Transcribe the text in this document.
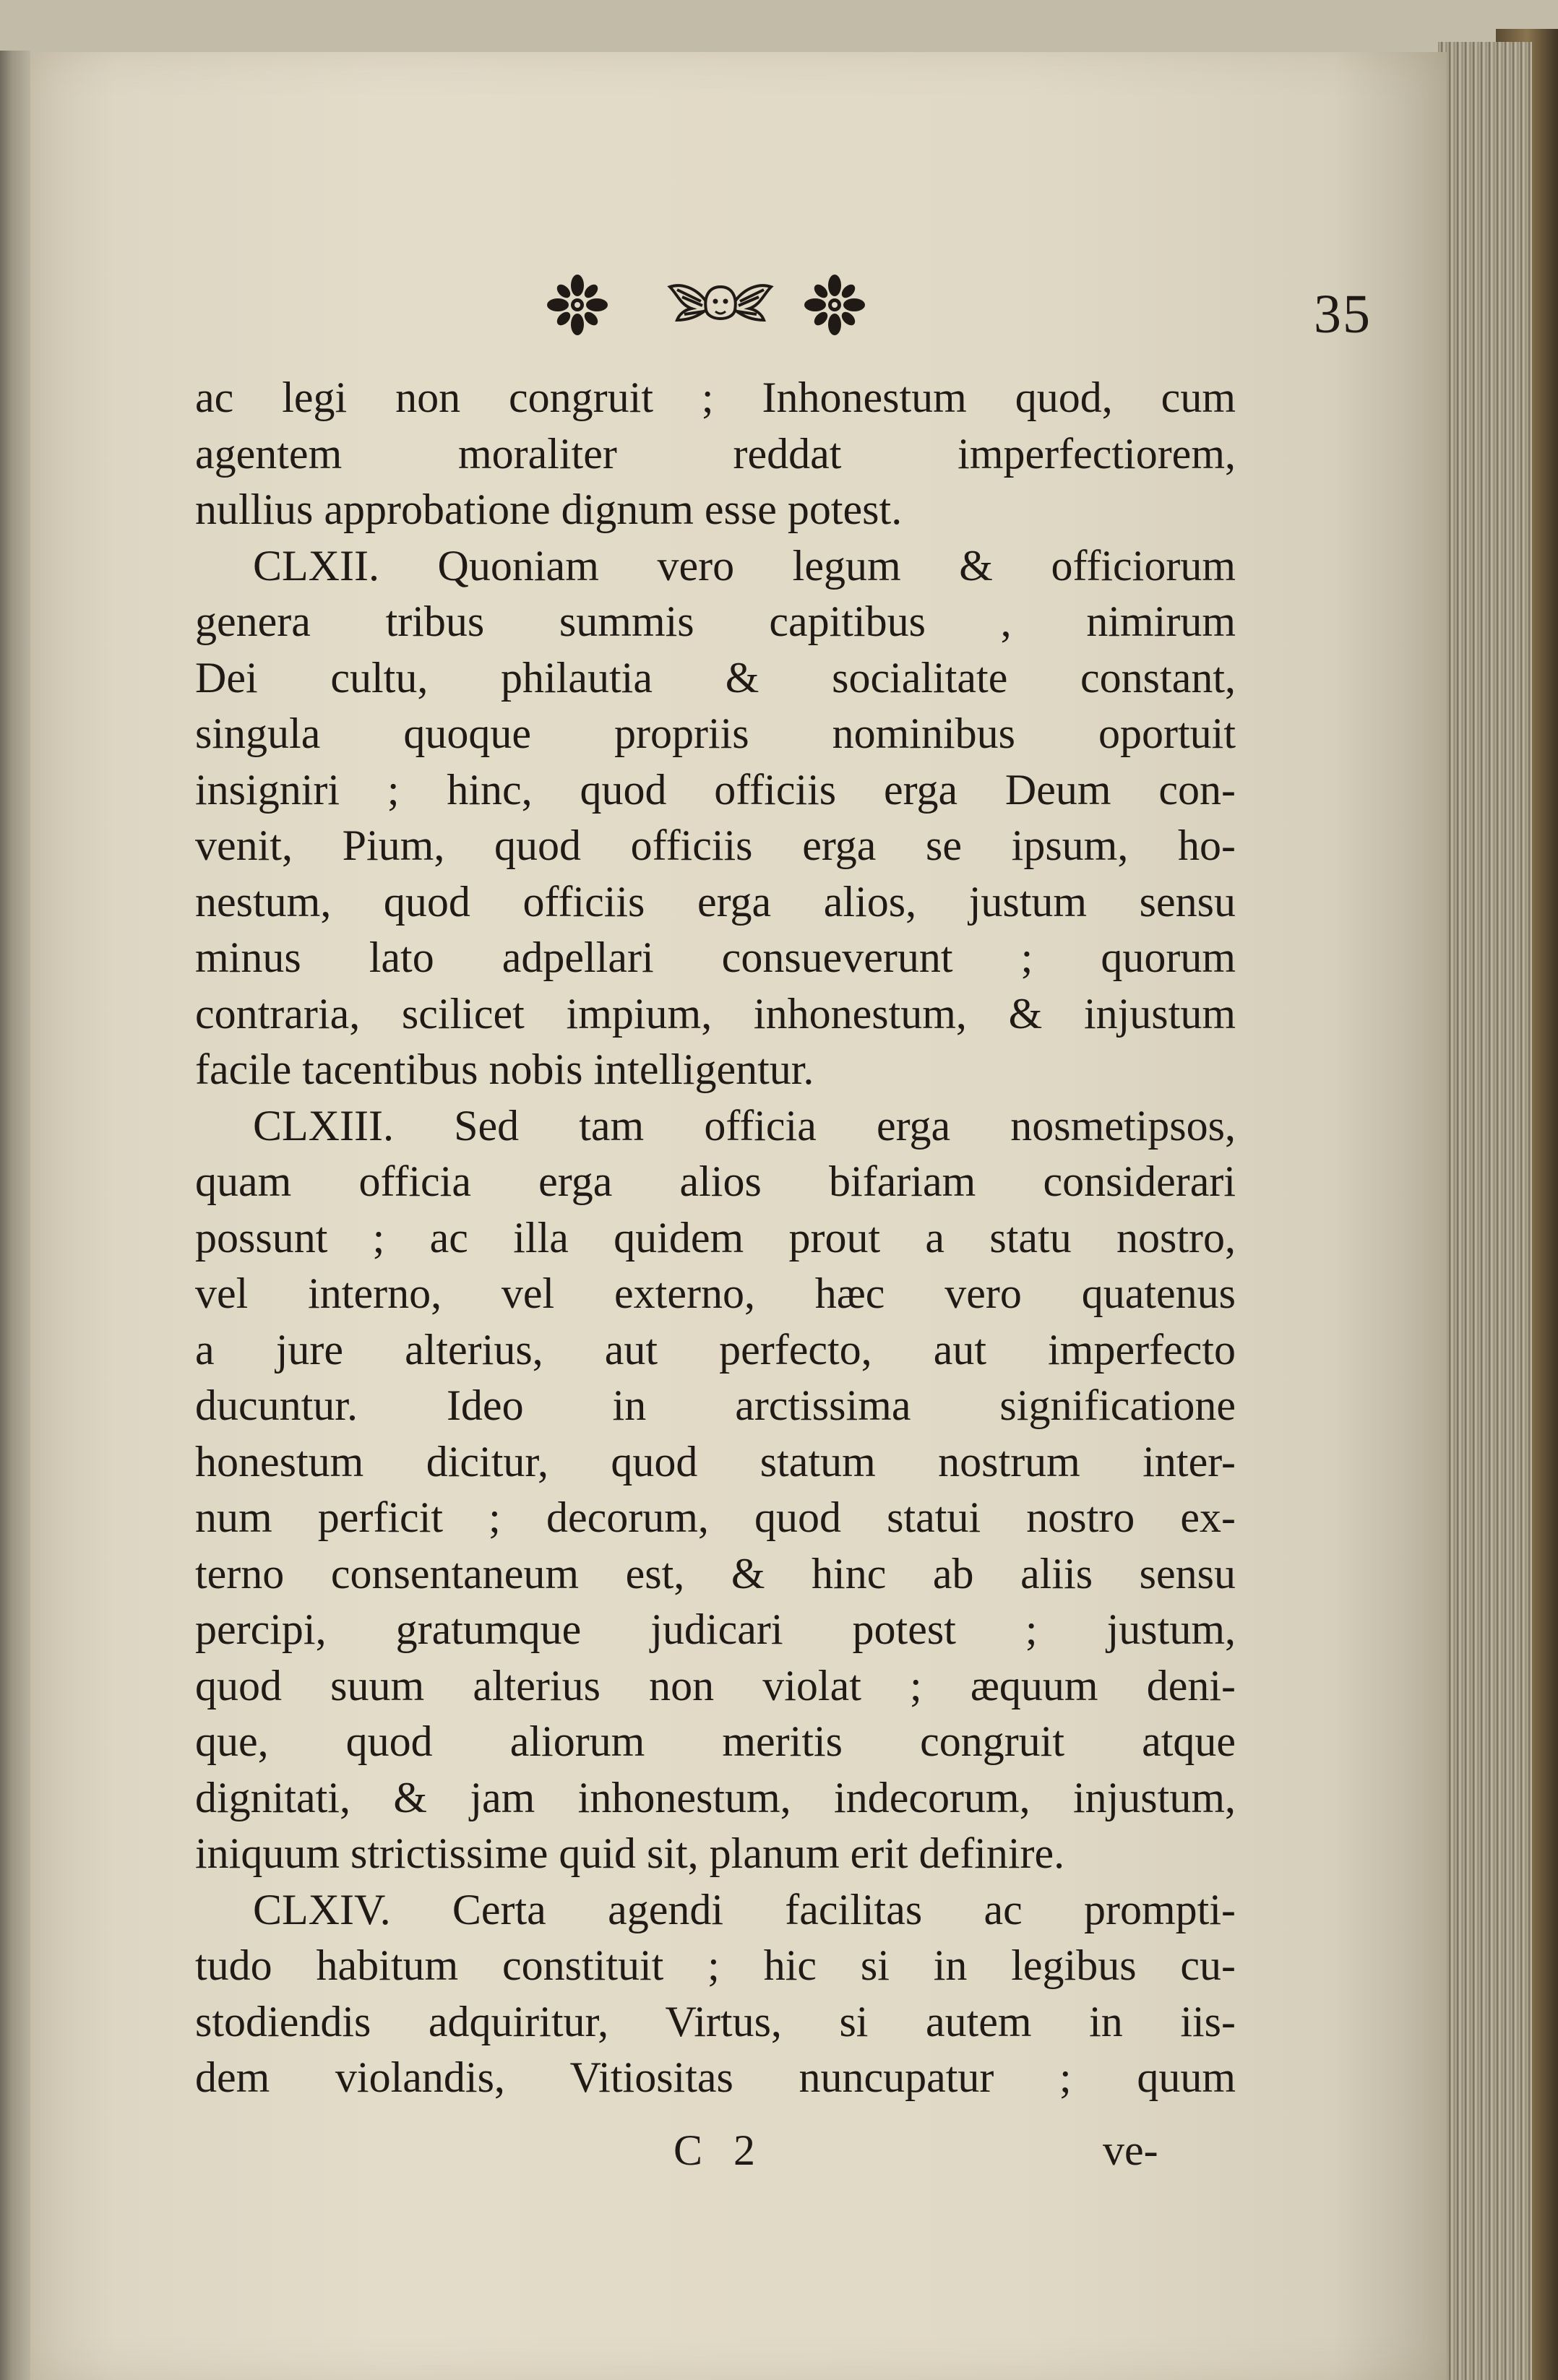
35
ac legi non congruit ; Inhonestum quod, cum
agentem moraliter reddat imperfectiorem,
nullius approbatione dignum esse potest.
CLXII. Quoniam vero legum & officiorum
genera tribus summis capitibus , nimirum
Dei cultu, philautia & socialitate constant,
singula quoque propriis nominibus oportuit
insigniri ; hinc, quod officiis erga Deum con-
venit, Pium, quod officiis erga se ipsum, ho-
nestum, quod officiis erga alios, justum sensu
minus lato adpellari consueverunt ; quorum
contraria, scilicet impium, inhonestum, & injustum
facile tacentibus nobis intelligentur.
CLXIII. Sed tam officia erga nosmetipsos,
quam officia erga alios bifariam considerari
possunt ; ac illa quidem prout a statu nostro,
vel interno, vel externo, hæc vero quatenus
a jure alterius, aut perfecto, aut imperfecto
ducuntur. Ideo in arctissima significatione
honestum dicitur, quod statum nostrum inter-
num perficit ; decorum, quod statui nostro ex-
terno consentaneum est, & hinc ab aliis sensu
percipi, gratumque judicari potest ; justum,
quod suum alterius non violat ; æquum deni-
que, quod aliorum meritis congruit atque
dignitati, & jam inhonestum, indecorum, injustum,
iniquum strictissime quid sit, planum erit definire.
CLXIV. Certa agendi facilitas ac prompti-
tudo habitum constituit ; hic si in legibus cu-
stodiendis adquiritur, Virtus, si autem in iis-
dem violandis, Vitiositas nuncupatur ; quum
C 2	ve-
